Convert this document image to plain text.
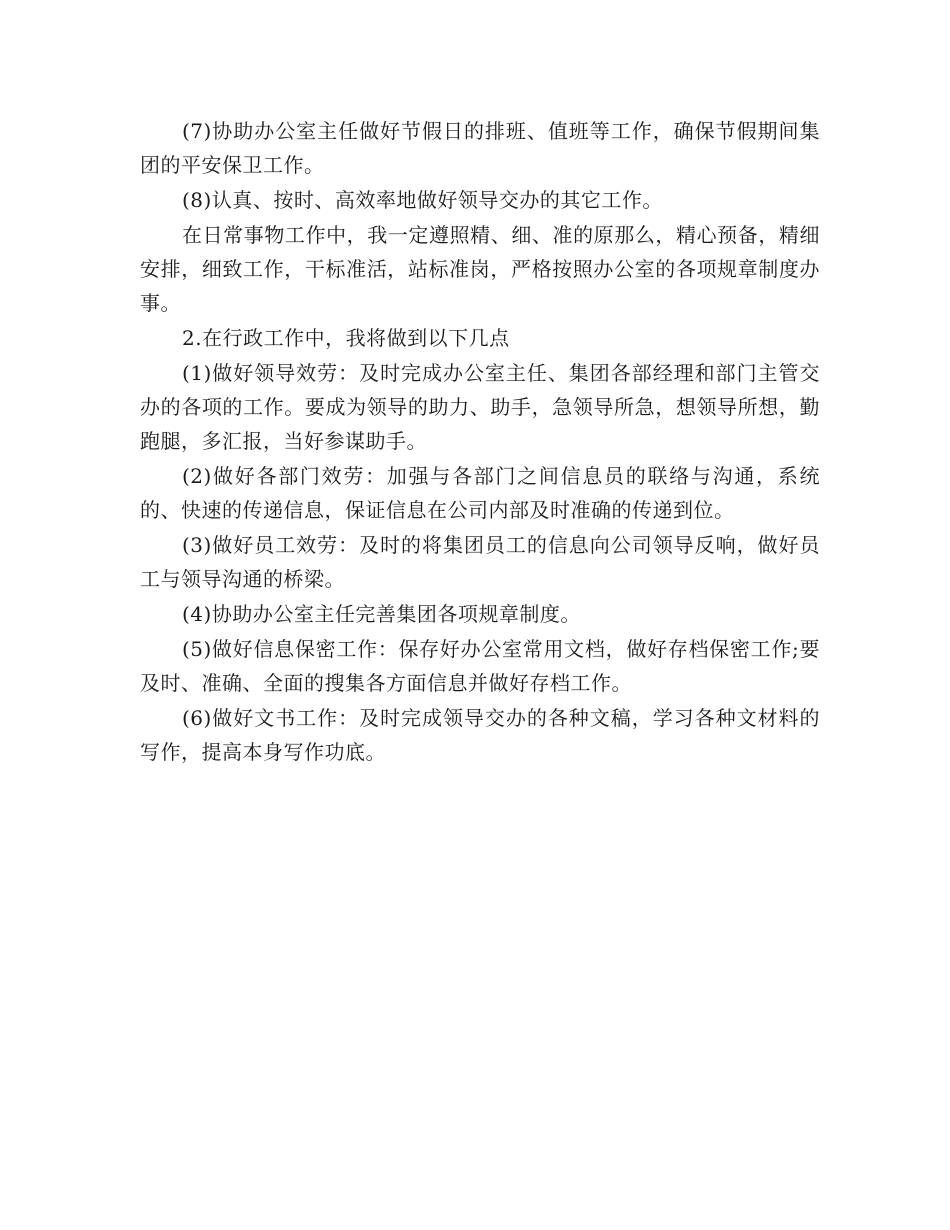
(7)协助办公室主任做好节假日的排班、值班等工作，确保节假期间集团的平安保卫工作。

(8)认真、按时、高效率地做好领导交办的其它工作。

在日常事物工作中，我一定遵照精、细、准的原那么，精心预备，精细安排，细致工作，干标准活，站标准岗，严格按照办公室的各项规章制度办事。

2.在行政工作中，我将做到以下几点

(1)做好领导效劳：及时完成办公室主任、集团各部经理和部门主管交办的各项的工作。要成为领导的助力、助手，急领导所急，想领导所想，勤跑腿，多汇报，当好参谋助手。

(2)做好各部门效劳：加强与各部门之间信息员的联络与沟通，系统的、快速的传递信息，保证信息在公司内部及时准确的传递到位。

(3)做好员工效劳：及时的将集团员工的信息向公司领导反响，做好员工与领导沟通的桥梁。

(4)协助办公室主任完善集团各项规章制度。

(5)做好信息保密工作：保存好办公室常用文档，做好存档保密工作;要及时、准确、全面的搜集各方面信息并做好存档工作。

(6)做好文书工作：及时完成领导交办的各种文稿，学习各种文材料的写作，提高本身写作功底。
